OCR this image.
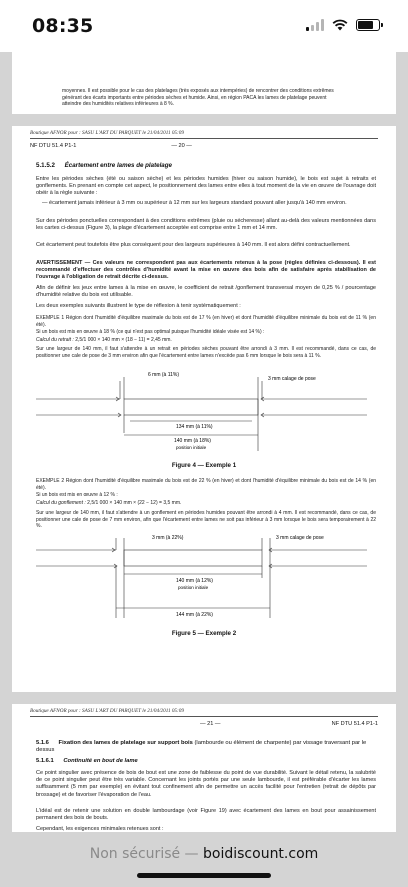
08:35
moyennes. Il est possible pour le cas des platelages (très exposés aux intempéries) de rencontrer des conditions extrêmes
générant des écarts importants entre périodes sèches et humide. Ainsi, en région PACA les lames de platelage peuvent
atteindre des humidités relatives inférieures à 8 %.
Boutique AFNOR pour : SASU L'ART DU PARQUET le 21/04/2011 05:09
NF DTU 51.4 P1-1	— 20 —
5.1.5.2 Écartement entre lames de platelage
Entre les périodes sèches (été ou saison sèche) et les périodes humides (hiver ou saison humide), le bois est sujet à retraits et gonflements. En prenant en compte cet aspect, le positionnement des lames entre elles à tout moment de la vie en œuvre de l'ouvrage doit obéir à la règle suivante :
— écartement jamais inférieur à 3 mm ou supérieur à 12 mm sur les largeurs standard pouvant aller jusqu'à 140 mm environ.
Sur des périodes ponctuelles correspondant à des conditions extrêmes (pluie ou sécheresse) allant au-delà des valeurs mentionnées dans les cartes ci-dessus (Figure 3), la plage d'écartement acceptée est comprise entre 1 mm et 14 mm.
Cet écartement peut toutefois être plus conséquent pour des largeurs supérieures à 140 mm. Il est alors défini contractuellement.
AVERTISSEMENT — Ces valeurs ne correspondent pas aux écartements retenus à la pose (règles définies ci-dessous). Il est recommandé d'effectuer des contrôles d'humidité avant la mise en œuvre des bois afin de satisfaire après stabilisation de l'ouvrage à l'obligation de retrait décrite ci-dessus.
Afin de définir les jeux entre lames à la mise en œuvre, le coefficient de retrait /gonflement transversal moyen de 0,25 % / pourcentage d'humidité relative du bois est utilisable.
Les deux exemples suivants illustrent le type de réflexion à tenir systématiquement :
EXEMPLE 1 Région dont l'humidité d'équilibre maximale du bois est de 17 % (en hiver) et dont l'humidité d'équilibre minimale du bois est de 11 % (en été).
Si un bois est mis en œuvre à 18 % (ce qui n'est pas optimal puisque l'humidité idéale visée est 14 %) :
Calcul du retrait : 2,5/1 000 × 140 mm × (18 − 11) = 2,45 mm.
Sur une largeur de 140 mm, il faut s'attendre à un retrait en périodes sèches pouvant être arrondi à 3 mm. Il est recommandé, dans ce cas, de positionner une cale de pose de 3 mm environ afin que l'écartement entre lames n'excède pas 6 mm lorsque le bois sera à 11 %.
6 mm (à 11%)
3 mm calage de pose
134 mm (à 11%)
140 mm (à 18%)
position initiale
Figure 4 — Exemple 1
EXEMPLE 2 Région dont l'humidité d'équilibre maximale du bois est de 22 % (en hiver) et dont l'humidité d'équilibre minimale du bois est de 14 % (en été).
Si un bois est mis en œuvre à 12 % :
Calcul du gonflement : 2,5/1 000 × 140 mm × (22 − 12) = 3,5 mm.
Sur une largeur de 140 mm, il faut s'attendre à un gonflement en périodes humides pouvant être arrondi à 4 mm. Il est recommandé, dans ce cas, de positionner une cale de pose de 7 mm environ, afin que l'écartement entre lames ne soit pas inférieur à 3 mm lorsque le bois sera temporairement à 22 %.
3 mm (à 22%)	3 mm calage de pose
140 mm (à 12%)
position initiale
144 mm (à 22%)
Figure 5 — Exemple 2
Boutique AFNOR pour : SASU L'ART DU PARQUET le 21/04/2011 05:09
— 21 —	NF DTU 51.4 P1-1
5.1.6 Fixation des lames de platelage sur support bois (lambourde ou élément de charpente) par vissage traversant par le dessus
5.1.6.1 Continuité en bout de lame
Ce point singulier avec présence de bois de bout est une zone de faiblesse du point de vue durabilité. Suivant le détail retenu, la salubrité de ce point singulier peut être très variable. Concernant les joints portés par une seule lambourde, il est préférable d'écarter les lames suffisamment (5 mm par exemple) en évitant tout confinement afin de permettre un accès facilité pour l'entretien (retrait de dépôts par brossage) et de favoriser l'évaporation de l'eau.
L'idéal est de retenir une solution en double lambourdage (voir Figure 19) avec écartement des lames en bout pour assainissement permanent des bois de bouts.
Cependant, les exigences minimales retenues sont :
Non sécurisé — boidiscount.com
